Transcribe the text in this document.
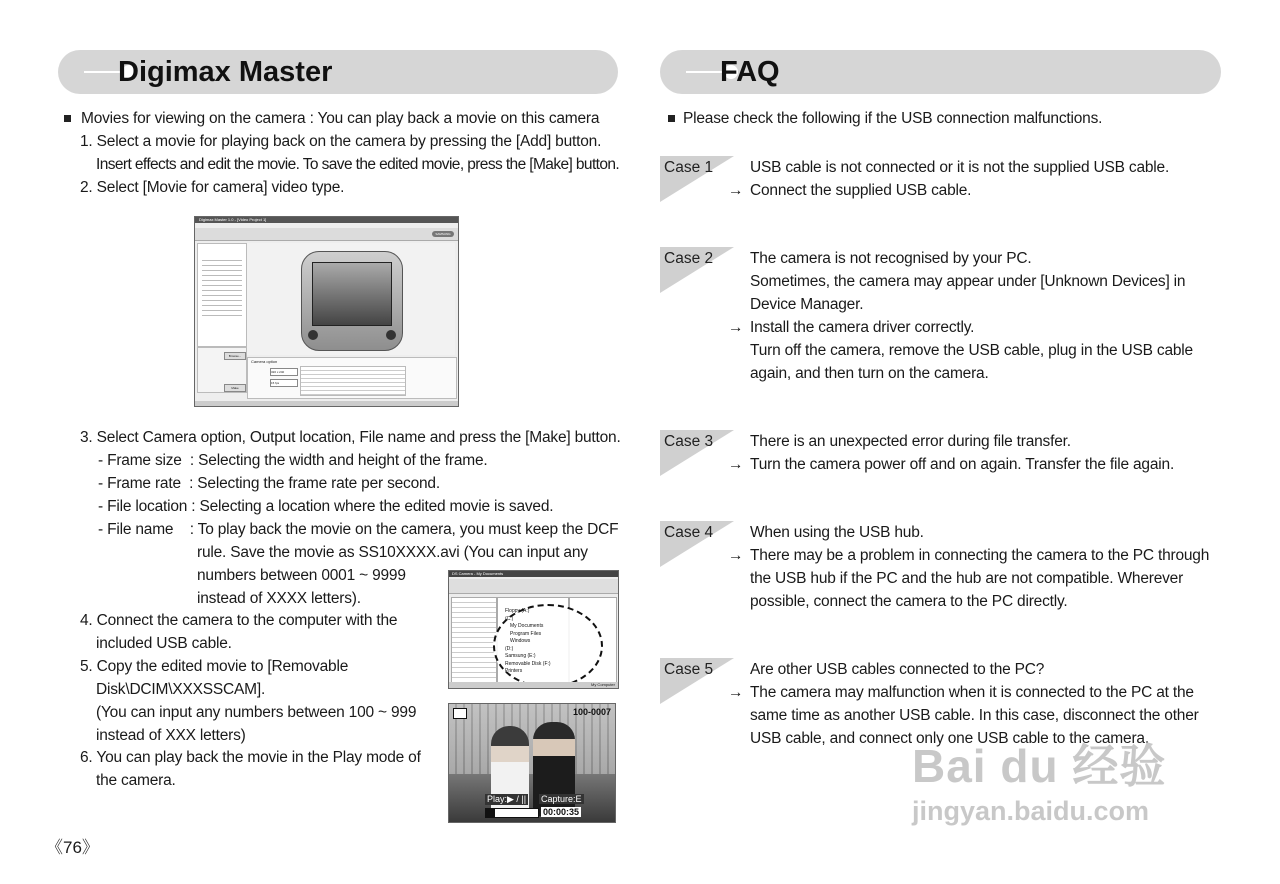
Digimax Master
Movies for viewing on the camera : You can play back a movie on this camera
1. Select a movie for playing back on the camera by pressing the [Add] button.
Insert effects and edit the movie. To save the edited movie, press the [Make] button.
2. Select [Movie for camera] video type.
Digimax Master 1.0 - [Video Project 1]
SAMSUNG
Browse...
Make
Camera option
320 x 240
15 fps
3. Select Camera option, Output location, File name and press the [Make] button.
- Frame size  : Selecting the width and height of the frame.
- Frame rate  : Selecting the frame rate per second.
- File location : Selecting a location where the edited movie is saved.
- File name    : To play back the movie on the camera, you must keep the DCF
rule. Save the movie as SS10XXXX.avi (You can input any
numbers between 0001 ~ 9999
instead of XXXX letters).
4. Connect the camera to the computer with the
included USB cable.
5. Copy the edited movie to [Removable
Disk\DCIM\XXXSSCAM].
(You can input any numbers between 100 ~ 999
instead of XXX letters)
6. You can play back the movie in the Play mode of
the camera.
DS Camera - My Documents
Floppy (A:)
(C:)
My Documents
Program Files
Windows
(D:)
Samsung (E:)
Removable Disk (F:)
Printers
My Computer
100-0007
Play:▶ / || Capture:E
00:00:35
《76》
FAQ
Please check the following if the USB connection malfunctions.
Case 1 USB cable is not connected or it is not the supplied USB cable.
→ Connect the supplied USB cable.
Case 2 The camera is not recognised by your PC.
Sometimes, the camera may appear under [Unknown Devices] in
Device Manager.
→ Install the camera driver correctly.
Turn off the camera, remove the USB cable, plug in the USB cable
again, and then turn on the camera.
Case 3 There is an unexpected error during file transfer.
→ Turn the camera power off and on again. Transfer the file again.
Case 4 When using the USB hub.
→ There may be a problem in connecting the camera to the PC through
the USB hub if the PC and the hub are not compatible. Wherever
possible, connect the camera to the PC directly.
Case 5 Are other USB cables connected to the PC?
→ The camera may malfunction when it is connected to the PC at the
same time as another USB cable. In this case, disconnect the other
USB cable, and connect only one USB cable to the camera.
Bai du 经验
jingyan.baidu.com
